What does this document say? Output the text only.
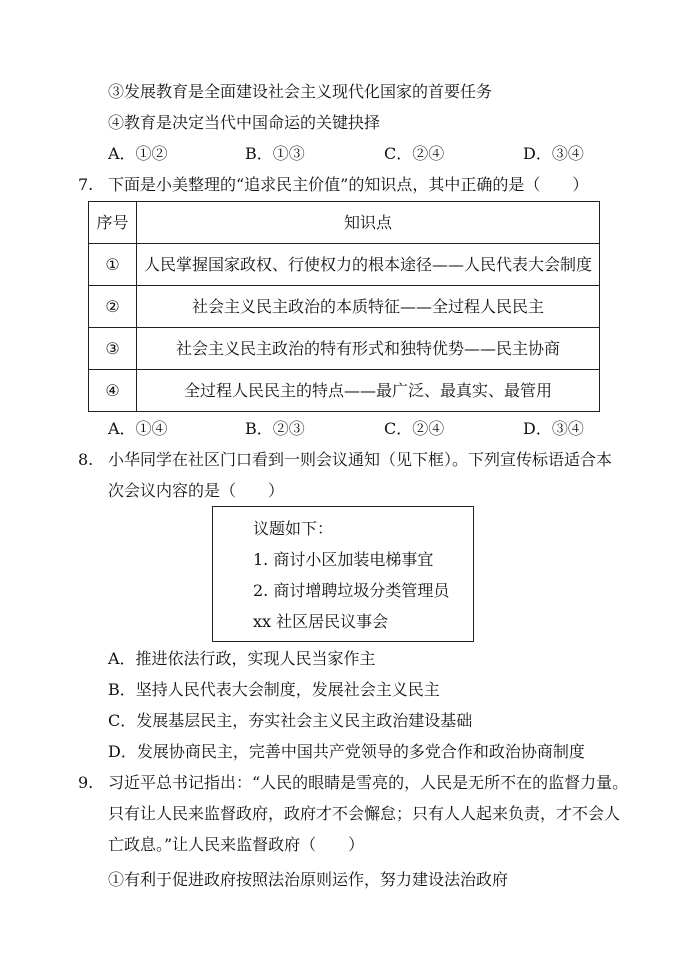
③发展教育是全面建设社会主义现代化国家的首要任务
④教育是决定当代中国命运的关键抉择
A．①②	B．①③	C．②④	D．③④
7. 下面是小美整理的“追求民主价值”的知识点，其中正确的是（　　）
序号	知识点
①	人民掌握国家政权、行使权力的根本途径——人民代表大会制度
②	社会主义民主政治的本质特征——全过程人民民主
③	社会主义民主政治的特有形式和独特优势——民主协商
④	全过程人民民主的特点——最广泛、最真实、最管用
A．①④	B．②③	C．②④	D．③④
8. 小华同学在社区门口看到一则会议通知（见下框）。下列宣传标语适合本
次会议内容的是（　　）
议题如下：
1. 商讨小区加装电梯事宜
2. 商讨增聘垃圾分类管理员
xx 社区居民议事会
A．推进依法行政，实现人民当家作主
B．坚持人民代表大会制度，发展社会主义民主
C．发展基层民主，夯实社会主义民主政治建设基础
D．发展协商民主，完善中国共产党领导的多党合作和政治协商制度
9. 习近平总书记指出：“人民的眼睛是雪亮的，人民是无所不在的监督力量。
只有让人民来监督政府，政府才不会懈怠；只有人人起来负责，才不会人
亡政息。”让人民来监督政府（　　）
①有利于促进政府按照法治原则运作，努力建设法治政府
